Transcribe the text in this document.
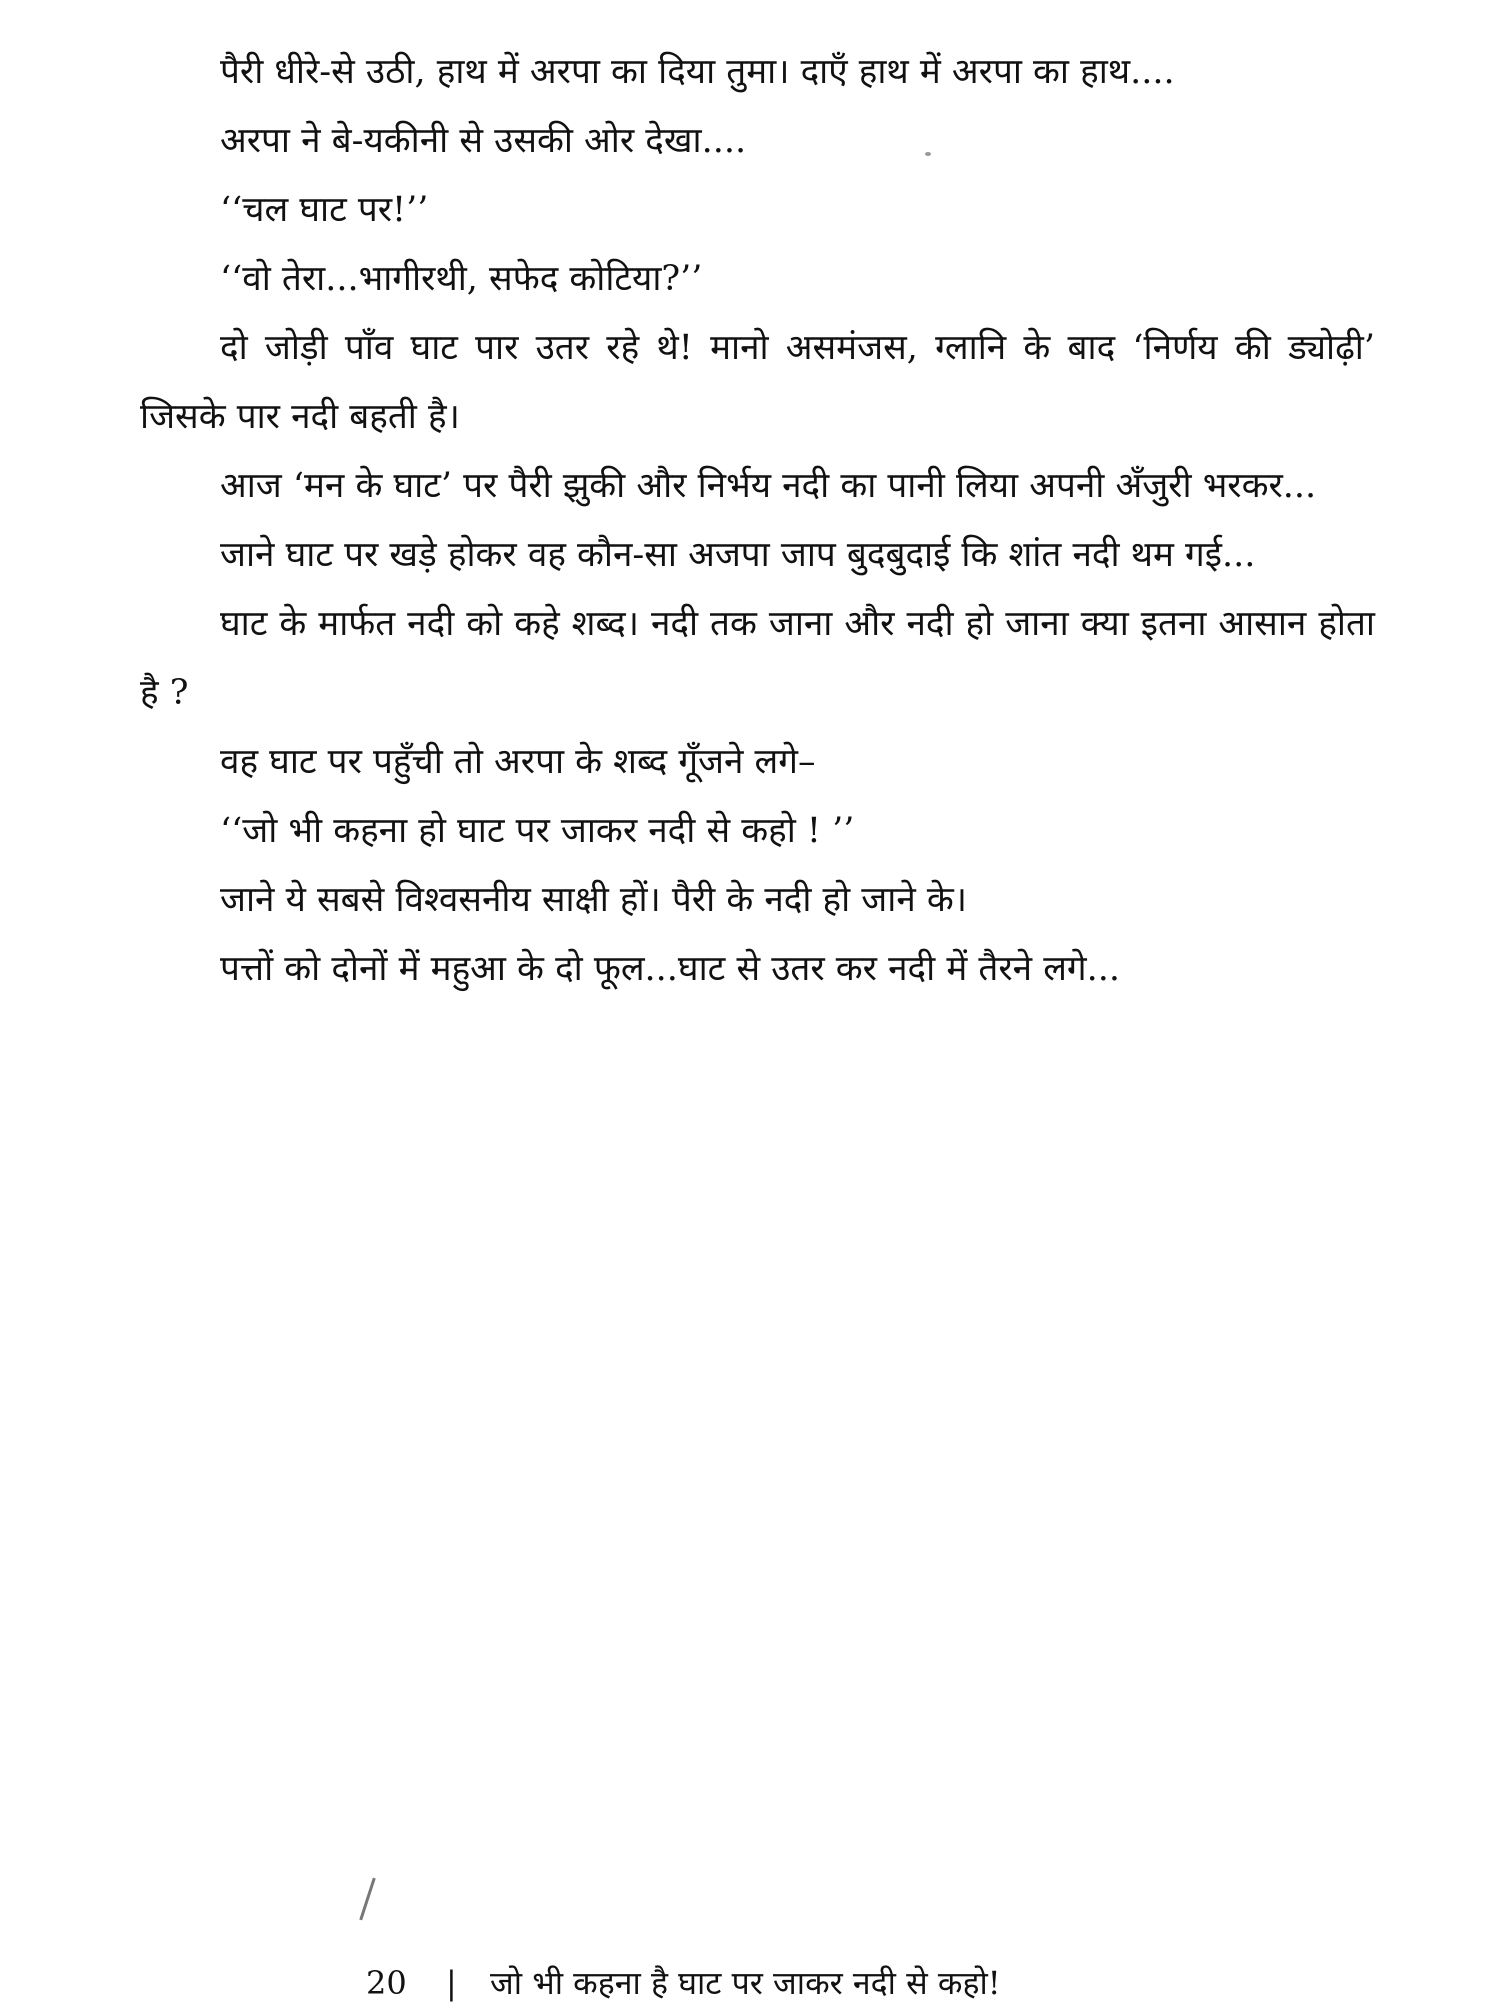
पैरी धीरे-से उठी, हाथ में अरपा का दिया तुमा। दाएँ हाथ में अरपा का हाथ....

अरपा ने बे-यकीनी से उसकी ओर देखा....

‘‘चल घाट पर!’’

‘‘वो तेरा...भागीरथी, सफेद कोटिया?’’

दो जोड़ी पाँव घाट पार उतर रहे थे! मानो असमंजस, ग्लानि के बाद ‘निर्णय की ड्योढ़ी’ जिसके पार नदी बहती है।

आज ‘मन के घाट’ पर पैरी झुकी और निर्भय नदी का पानी लिया अपनी अँजुरी भरकर...

जाने घाट पर खड़े होकर वह कौन-सा अजपा जाप बुदबुदाई कि शांत नदी थम गई...

घाट के मार्फत नदी को कहे शब्द। नदी तक जाना और नदी हो जाना क्या इतना आसान होता है ?

वह घाट पर पहुँची तो अरपा के शब्द गूँजने लगे–

‘‘जो भी कहना हो घाट पर जाकर नदी से कहो ! ’’

जाने ये सबसे विश्वसनीय साक्षी हों। पैरी के नदी हो जाने के।

पत्तों को दोनों में महुआ के दो फूल...घाट से उतर कर नदी में तैरने लगे...

20	|	जो भी कहना है घाट पर जाकर नदी से कहो!
